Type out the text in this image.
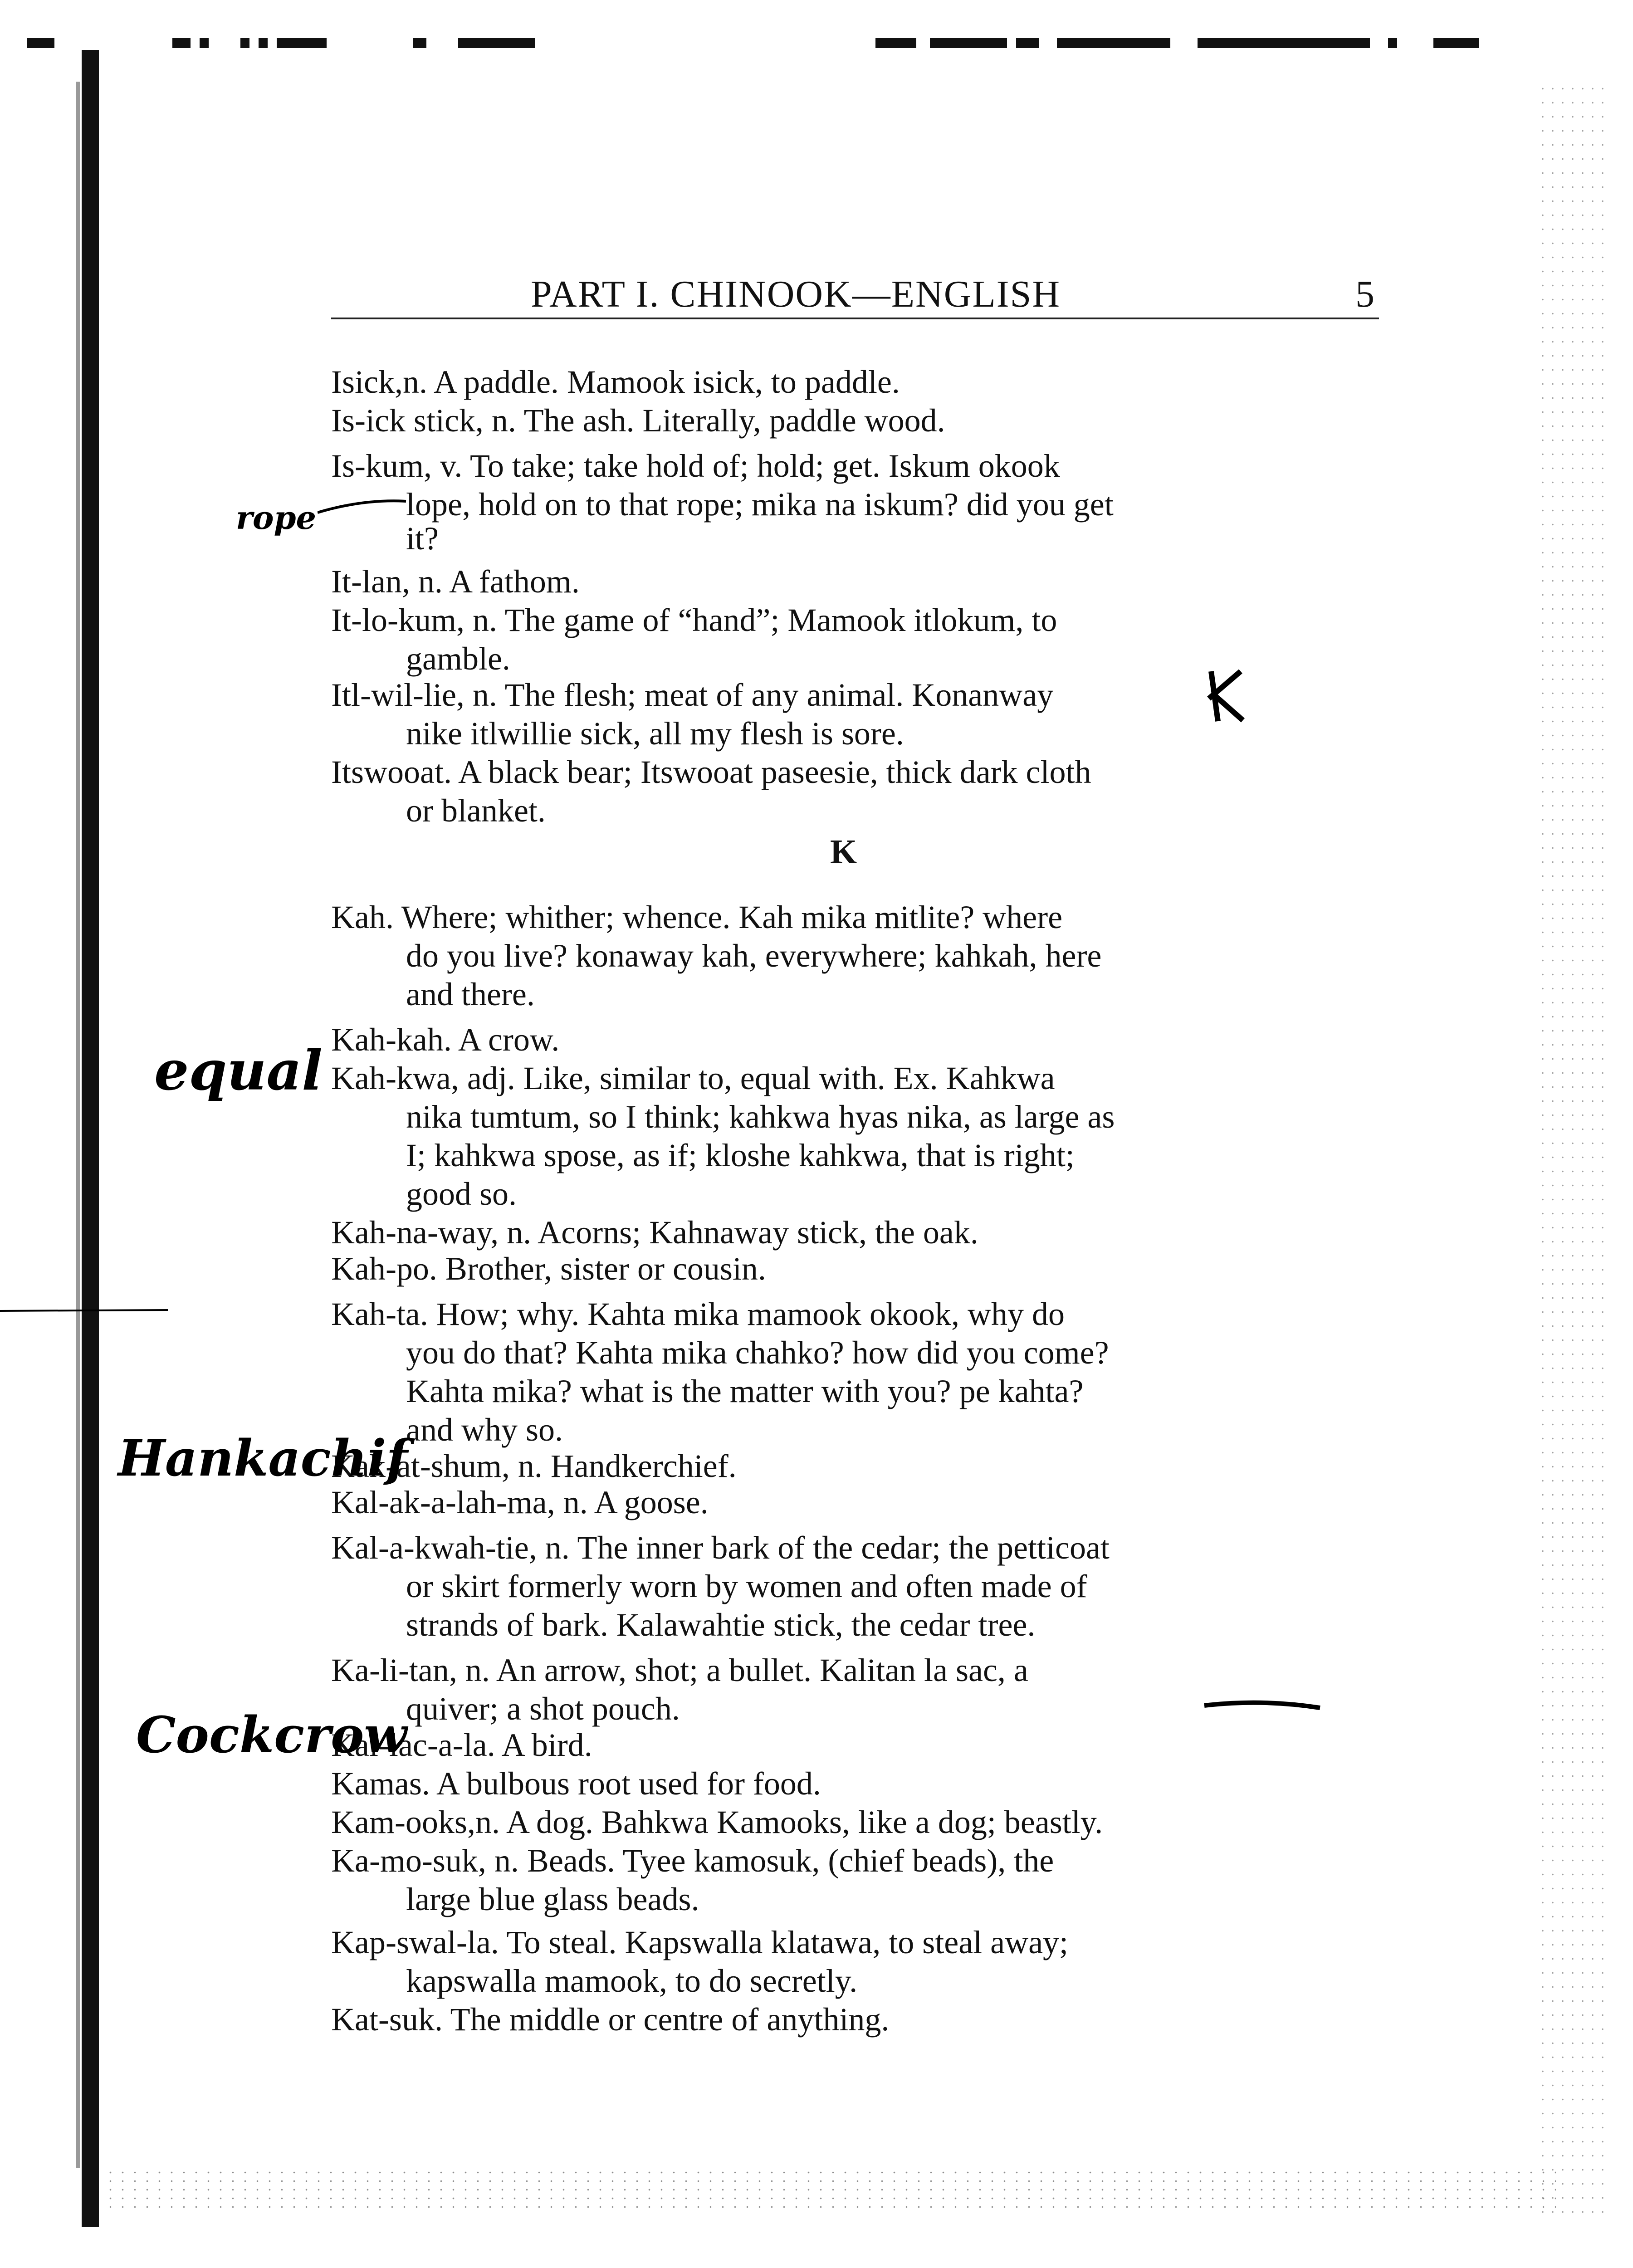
PART I. CHINOOK—ENGLISH	5
Isick,n. A paddle. Mamook isick, to paddle.
Is-ick stick, n. The ash. Literally, paddle wood.
Is-kum, v. To take; take hold of; hold; get. Iskum okook
lope, hold on to that rope; mika na iskum? did you get
it?
It-lan, n. A fathom.
It-lo-kum, n. The game of “hand”; Mamook itlokum, to
gamble.
Itl-wil-lie, n. The flesh; meat of any animal. Konanway
nike itlwillie sick, all my flesh is sore.
Itswooat. A black bear; Itswooat paseesie, thick dark cloth
or blanket.
K
Kah. Where; whither; whence. Kah mika mitlite? where
do you live? konaway kah, everywhere; kahkah, here
and there.
Kah-kah. A crow.
Kah-kwa, adj. Like, similar to, equal with. Ex. Kahkwa
nika tumtum, so I think; kahkwa hyas nika, as large as
I; kahkwa spose, as if; kloshe kahkwa, that is right;
good so.
Kah-na-way, n. Acorns; Kahnaway stick, the oak.
Kah-po. Brother, sister or cousin.
Kah-ta. How; why. Kahta mika mamook okook, why do
you do that? Kahta mika chahko? how did you come?
Kahta mika? what is the matter with you? pe kahta?
and why so.
Kak-at-shum, n. Handkerchief.
Kal-ak-a-lah-ma, n. A goose.
Kal-a-kwah-tie, n. The inner bark of the cedar; the petticoat
or skirt formerly worn by women and often made of
strands of bark. Kalawahtie stick, the cedar tree.
Ka-li-tan, n. An arrow, shot; a bullet. Kalitan la sac, a
quiver; a shot pouch.
Kal-lac-a-la. A bird.
Kamas. A bulbous root used for food.
Kam-ooks,n. A dog. Bahkwa Kamooks, like a dog; beastly.
Ka-mo-suk, n. Beads. Tyee kamosuk, (chief beads), the
large blue glass beads.
Kap-swal-la. To steal. Kapswalla klatawa, to steal away;
kapswalla mamook, to do secretly.
Kat-suk. The middle or centre of anything.
rope
equal
Hankachif
Cockcrow
